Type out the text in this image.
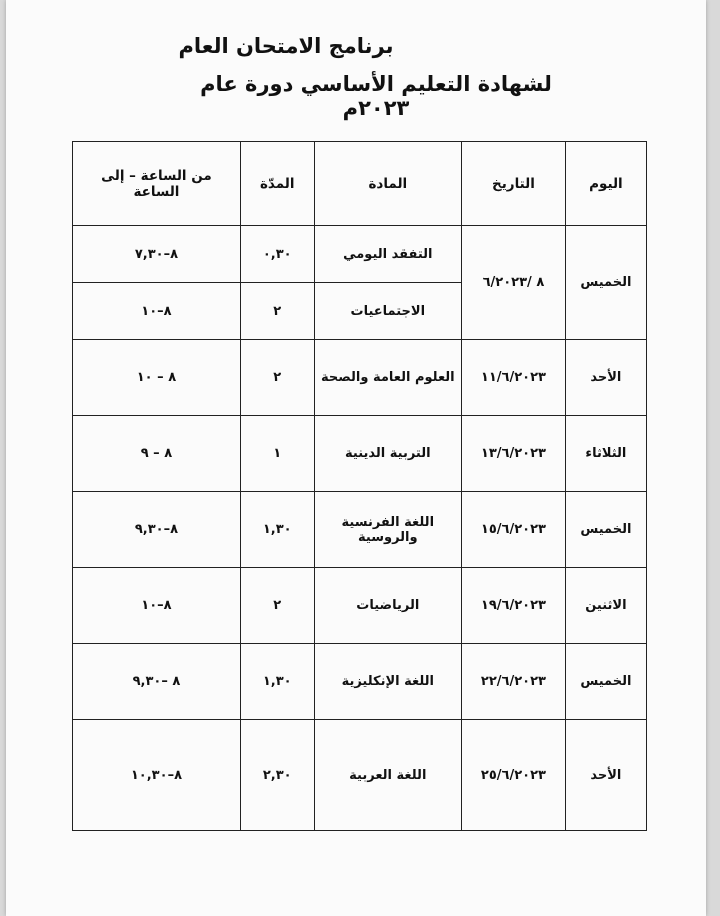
برنامج الامتحان العام
لشهادة التعليم الأساسي دورة عام ٢٠٢٣م
اليوم	التاريخ	المادة	المدّة	من الساعة – إلى الساعة
الخميس	٨ /٦/٢٠٢٣	التفقد اليومي	٠,٣٠	٨–٧,٣٠
		الاجتماعيات	٢	٨–١٠
الأحد	١١/٦/٢٠٢٣	العلوم العامة والصحة	٢	٨ – ١٠
الثلاثاء	١٣/٦/٢٠٢٣	التربية الدينية	١	٨ – ٩
الخميس	١٥/٦/٢٠٢٣	اللغة الفرنسية والروسية	١,٣٠	٨–٩,٣٠
الاثنين	١٩/٦/٢٠٢٣	الرياضيات	٢	٨–١٠
الخميس	٢٢/٦/٢٠٢٣	اللغة الإنكليزية	١,٣٠	٨ –٩,٣٠
الأحد	٢٥/٦/٢٠٢٣	اللغة العربية	٢,٣٠	٨–١٠,٣٠
